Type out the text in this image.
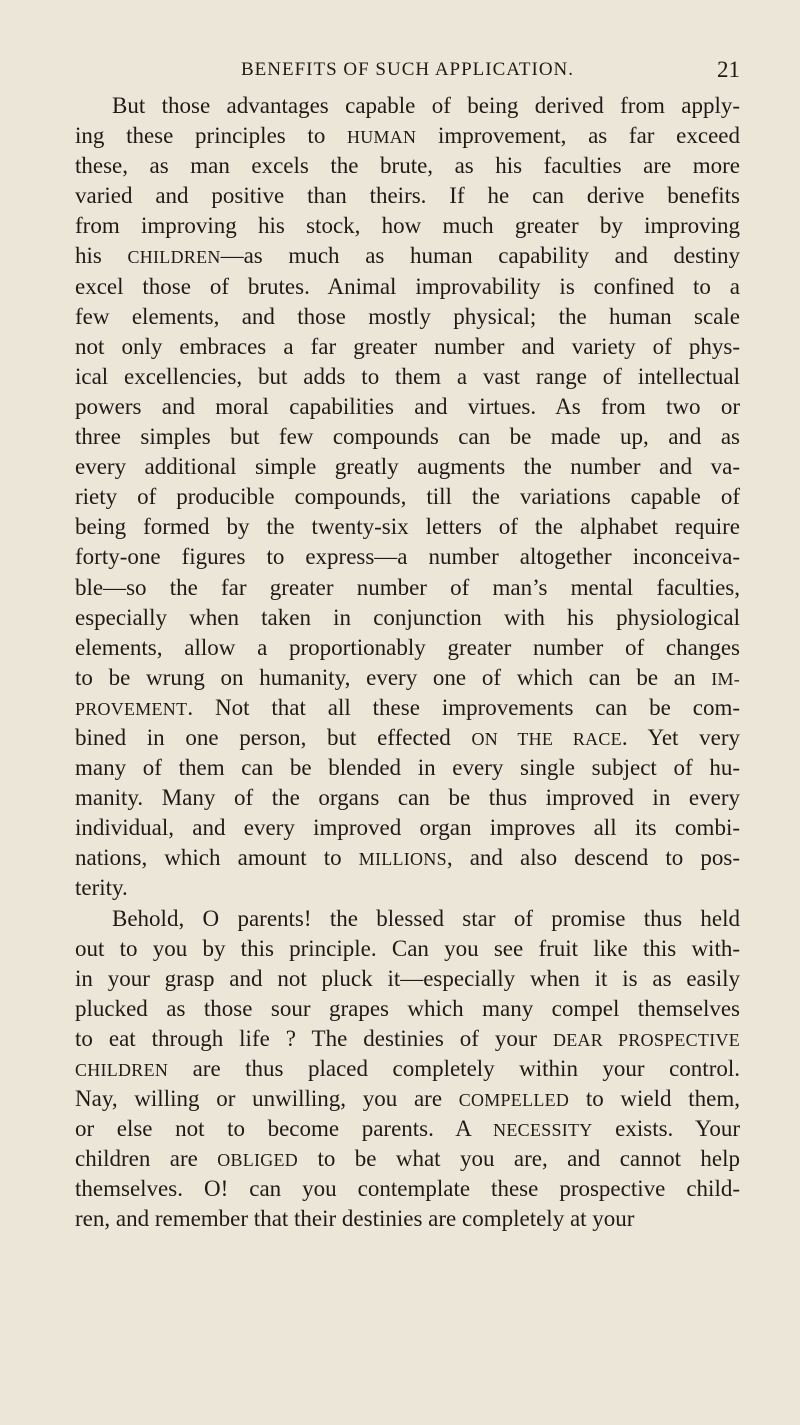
BENEFITS OF SUCH APPLICATION.	21
But those advantages capable of being derived from apply-
ing these principles to HUMAN improvement, as far exceed
these, as man excels the brute, as his faculties are more
varied and positive than theirs. If he can derive benefits
from improving his stock, how much greater by improving
his CHILDREN—as much as human capability and destiny
excel those of brutes. Animal improvability is confined to a
few elements, and those mostly physical; the human scale
not only embraces a far greater number and variety of phys-
ical excellencies, but adds to them a vast range of intellectual
powers and moral capabilities and virtues. As from two or
three simples but few compounds can be made up, and as
every additional simple greatly augments the number and va-
riety of producible compounds, till the variations capable of
being formed by the twenty-six letters of the alphabet require
forty-one figures to express—a number altogether inconceiva-
ble—so the far greater number of man’s mental faculties,
especially when taken in conjunction with his physiological
elements, allow a proportionably greater number of changes
to be wrung on humanity, every one of which can be an IM-
PROVEMENT. Not that all these improvements can be com-
bined in one person, but effected ON THE RACE. Yet very
many of them can be blended in every single subject of hu-
manity. Many of the organs can be thus improved in every
individual, and every improved organ improves all its combi-
nations, which amount to MILLIONS, and also descend to pos-
terity.
Behold, O parents! the blessed star of promise thus held
out to you by this principle. Can you see fruit like this with-
in your grasp and not pluck it—especially when it is as easily
plucked as those sour grapes which many compel themselves
to eat through life ? The destinies of your DEAR PROSPECTIVE
CHILDREN are thus placed completely within your control.
Nay, willing or unwilling, you are COMPELLED to wield them,
or else not to become parents. A NECESSITY exists. Your
children are OBLIGED to be what you are, and cannot help
themselves. O! can you contemplate these prospective child-
ren, and remember that their destinies are completely at your
